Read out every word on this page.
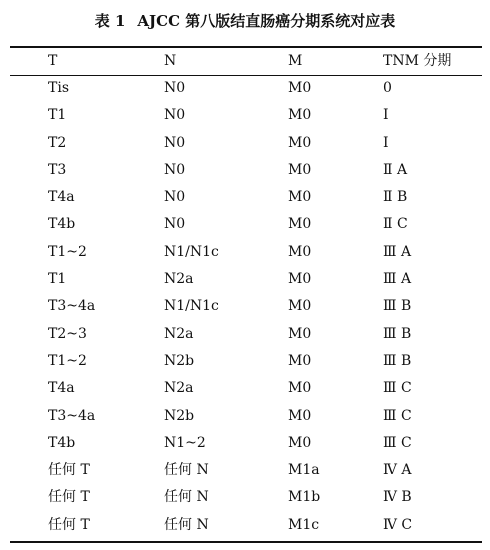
表 1 AJCC 第八版结直肠癌分期系统对应表
T	N	M	TNM 分期
Tis	N0	M0	0
T1	N0	M0	Ⅰ
T2	N0	M0	Ⅰ
T3	N0	M0	Ⅱ A
T4a	N0	M0	Ⅱ B
T4b	N0	M0	Ⅱ C
T1~2	N1/N1c	M0	Ⅲ A
T1	N2a	M0	Ⅲ A
T3~4a	N1/N1c	M0	Ⅲ B
T2~3	N2a	M0	Ⅲ B
T1~2	N2b	M0	Ⅲ B
T4a	N2a	M0	Ⅲ C
T3~4a	N2b	M0	Ⅲ C
T4b	N1~2	M0	Ⅲ C
任何 T	任何 N	M1a	Ⅳ A
任何 T	任何 N	M1b	Ⅳ B
任何 T	任何 N	M1c	Ⅳ C
